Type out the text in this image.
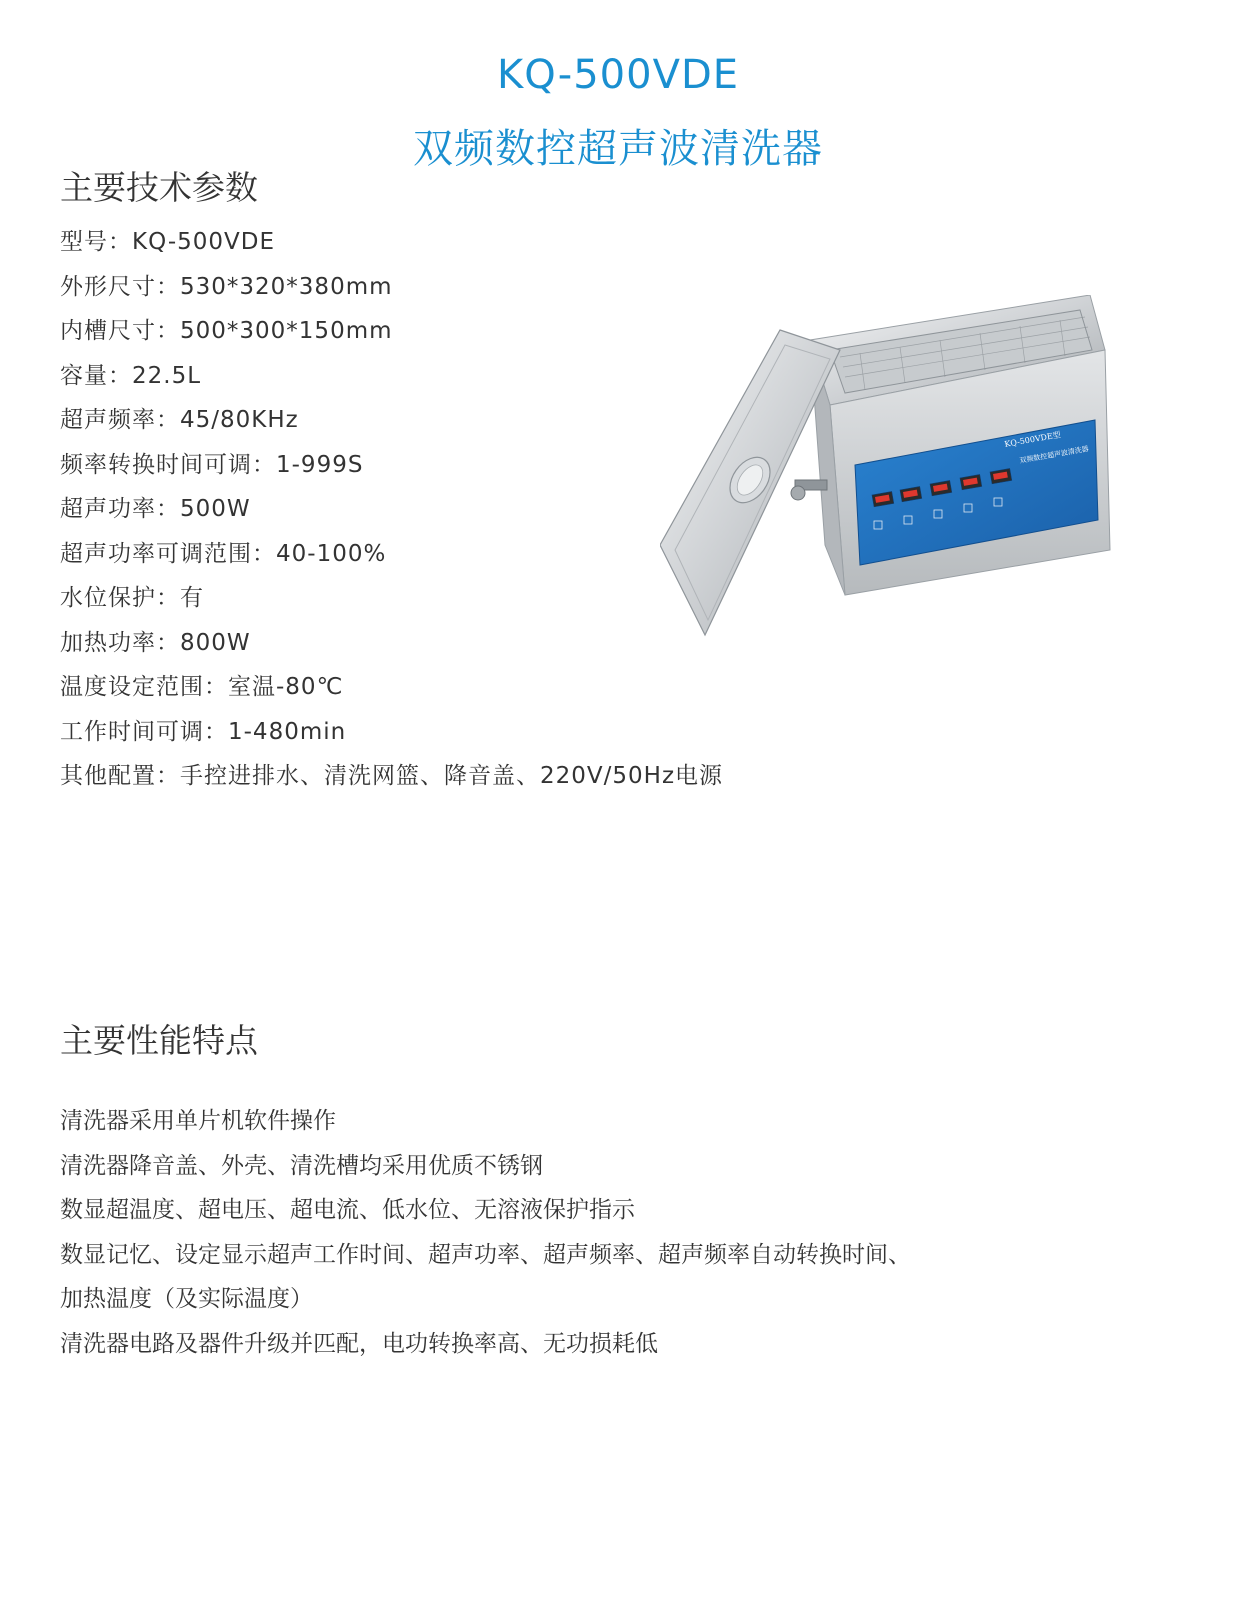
KQ-500VDE
双频数控超声波清洗器
主要技术参数
型号：KQ-500VDE
外形尺寸：530*320*380mm
内槽尺寸：500*300*150mm
容量：22.5L
超声频率：45/80KHz
频率转换时间可调：1-999S
超声功率：500W
超声功率可调范围：40-100%
水位保护：有
加热功率：800W
温度设定范围：室温-80℃
工作时间可调：1-480min
其他配置：手控进排水、清洗网篮、降音盖、220V/50Hz电源
KQ-500VDE型
双频数控超声波清洗器
主要性能特点
清洗器采用单片机软件操作
清洗器降音盖、外壳、清洗槽均采用优质不锈钢
数显超温度、超电压、超电流、低水位、无溶液保护指示
数显记忆、设定显示超声工作时间、超声功率、超声频率、超声频率自动转换时间、
加热温度（及实际温度）
清洗器电路及器件升级并匹配，电功转换率高、无功损耗低
